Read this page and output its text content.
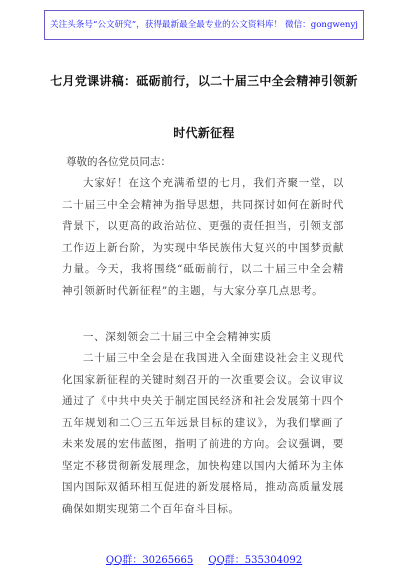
关注头条号“公文研究”，获得最新最全最专业的公文资料库！ 微信：gongwenyj
七月党课讲稿：砥砺前行，以二十届三中全会精神引领新
时代新征程
尊敬的各位党员同志：

大家好！在这个充满希望的七月，我们齐聚一堂，以二十届三中全会精神为指导思想，共同探讨如何在新时代背景下，以更高的政治站位、更强的责任担当，引领支部工作迈上新台阶，为实现中华民族伟大复兴的中国梦贡献力量。今天，我将围绕“砥砺前行，以二十届三中全会精神引领新时代新征程”的主题，与大家分享几点思考。

一、深刻领会二十届三中全会精神实质

二十届三中全会是在我国进入全面建设社会主义现代化国家新征程的关键时刻召开的一次重要会议。会议审议通过了《中共中央关于制定国民经济和社会发展第十四个五年规划和二〇三五年远景目标的建议》，为我们擘画了未来发展的宏伟蓝图，指明了前进的方向。会议强调，要坚定不移贯彻新发展理念，加快构建以国内大循环为主体国内国际双循环相互促进的新发展格局，推动高质量发展确保如期实现第二个百年奋斗目标。

QQ群：30265665 QQ群：535304092
